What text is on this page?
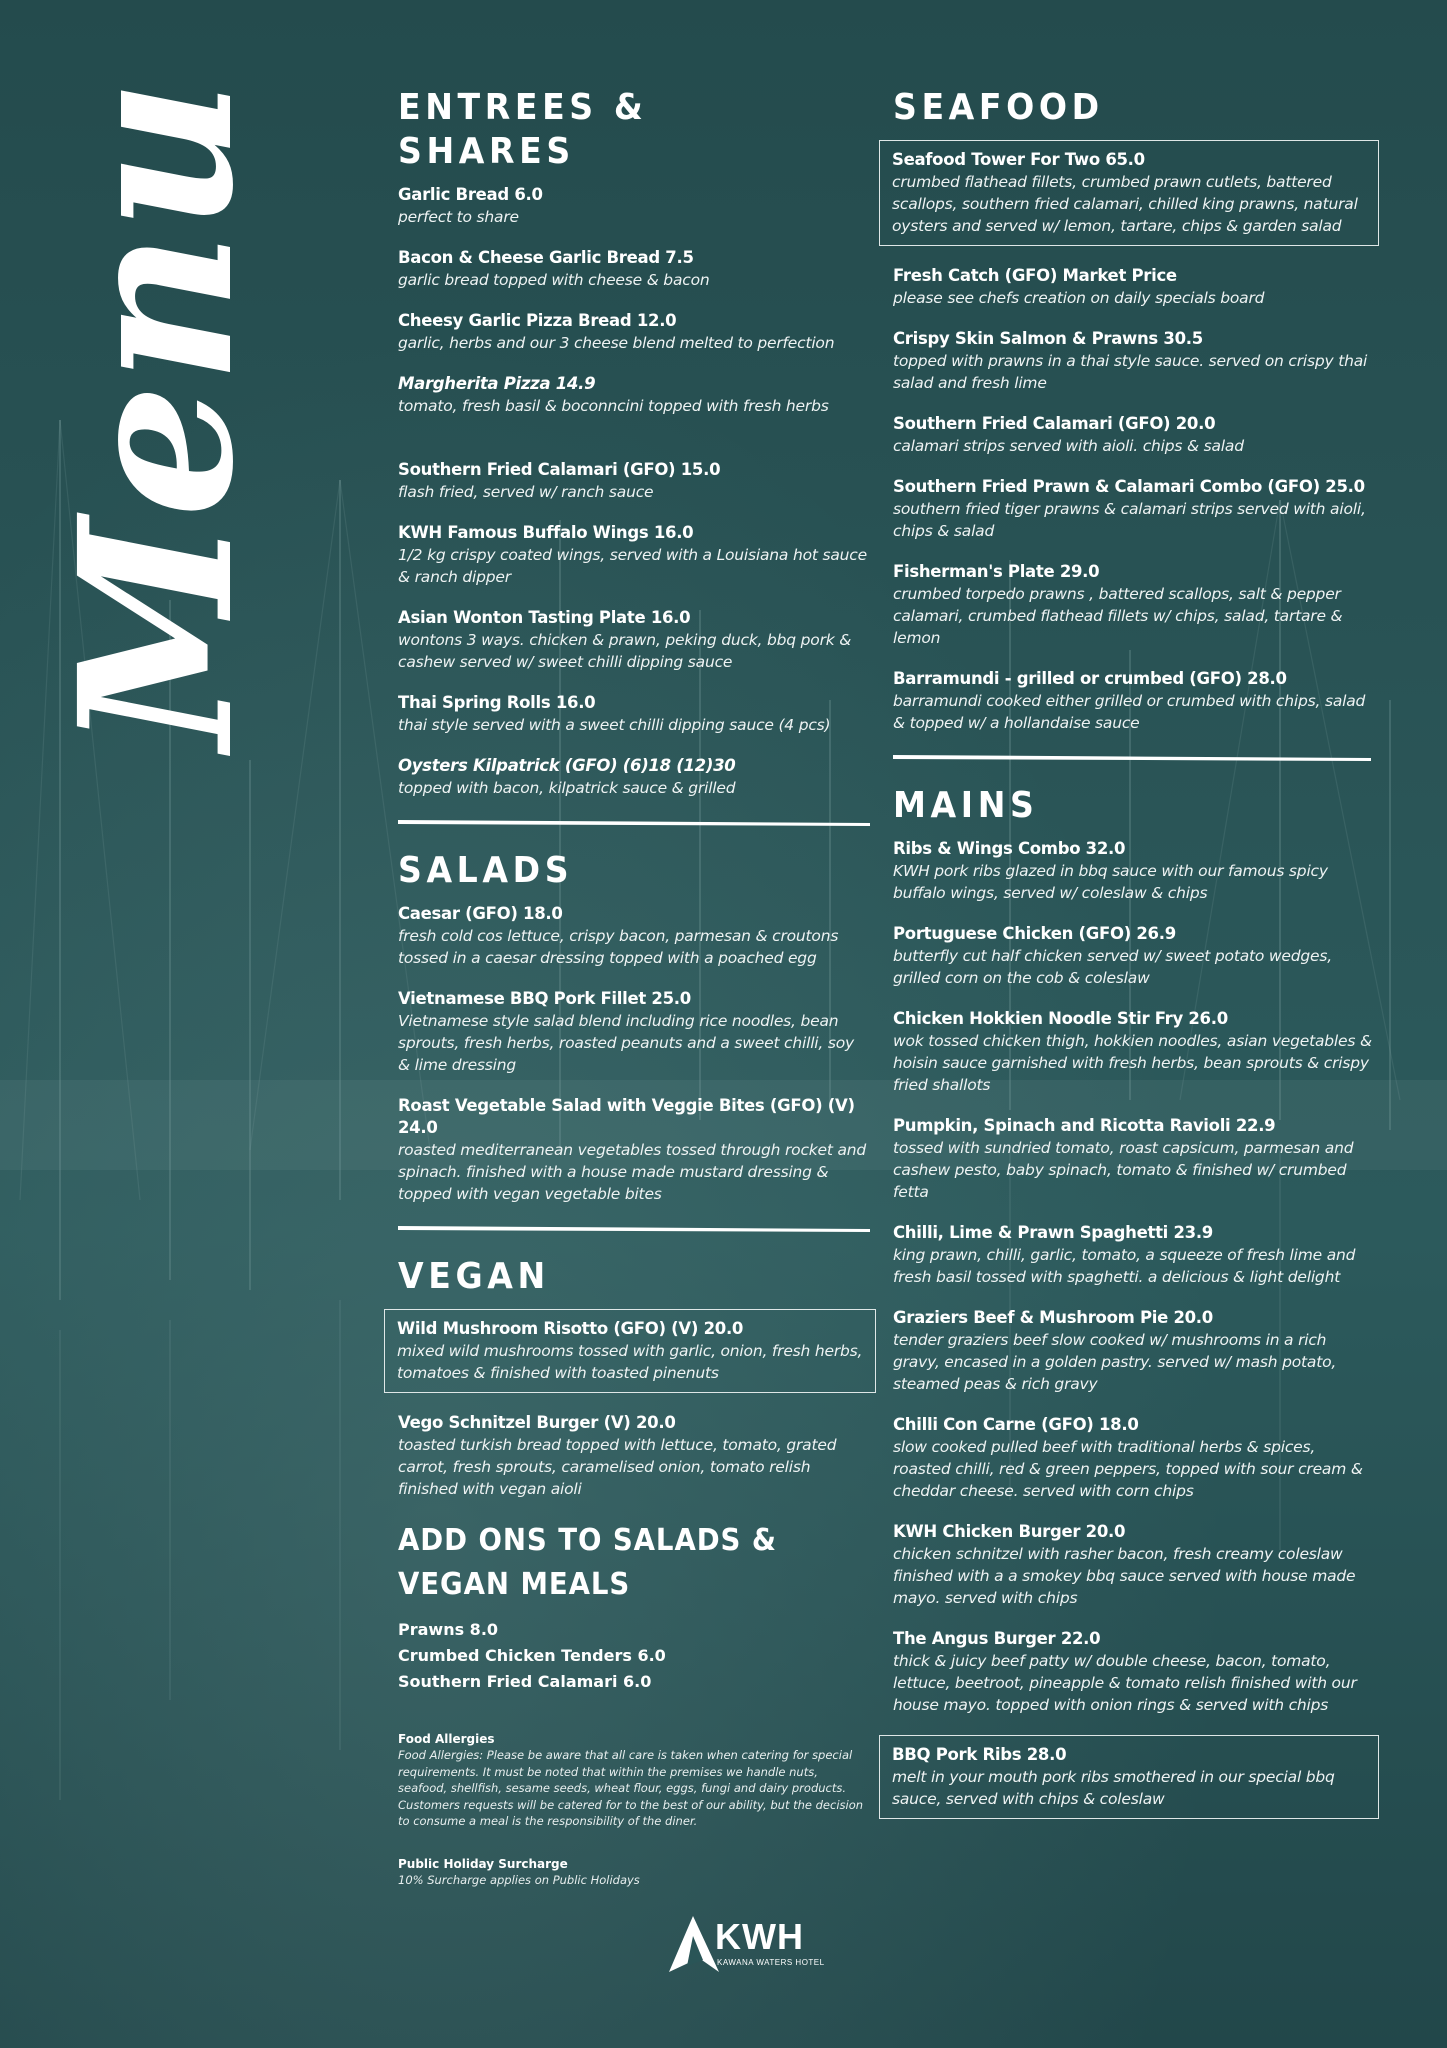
Menu	ENTREES & SHARES
Garlic Bread 6.0
perfect to share
Bacon & Cheese Garlic Bread 7.5
garlic bread topped with cheese & bacon
Cheesy Garlic Pizza Bread 12.0
garlic, herbs and our 3 cheese blend melted to perfection
Margherita Pizza 14.9
tomato, fresh basil & boconncini topped with fresh herbs
Southern Fried Calamari (GFO) 15.0
flash fried, served w/ ranch sauce
KWH Famous Buffalo Wings 16.0
1/2 kg crispy coated wings, served with a Louisiana hot sauce & ranch dipper
Asian Wonton Tasting Plate 16.0
wontons 3 ways. chicken & prawn, peking duck, bbq pork & cashew served w/ sweet chilli dipping sauce
Thai Spring Rolls 16.0
thai style served with a sweet chilli dipping sauce (4 pcs)
Oysters Kilpatrick (GFO) (6)18 (12)30
topped with bacon, kilpatrick sauce & grilled
SALADS
Caesar (GFO) 18.0
fresh cold cos lettuce, crispy bacon, parmesan & croutons tossed in a caesar dressing topped with a poached egg
Vietnamese BBQ Pork Fillet 25.0
Vietnamese style salad blend including rice noodles, bean sprouts, fresh herbs, roasted peanuts and a sweet chilli, soy & lime dressing
Roast Vegetable Salad with Veggie Bites (GFO) (V) 24.0
roasted mediterranean vegetables tossed through rocket and spinach. finished with a house made mustard dressing & topped with vegan vegetable bites
VEGAN
Wild Mushroom Risotto (GFO) (V) 20.0
mixed wild mushrooms tossed with garlic, onion, fresh herbs, tomatoes & finished with toasted pinenuts
Vego Schnitzel Burger (V) 20.0
toasted turkish bread topped with lettuce, tomato, grated carrot, fresh sprouts, caramelised onion, tomato relish finished with vegan aioli
ADD ONS TO SALADS & VEGAN MEALS
Prawns 8.0
Crumbed Chicken Tenders 6.0
Southern Fried Calamari 6.0
Food Allergies
Food Allergies: Please be aware that all care is taken when catering for special requirements. It must be noted that within the premises we handle nuts, seafood, shellfish, sesame seeds, wheat flour, eggs, fungi and dairy products. Customers requests will be catered for to the best of our ability, but the decision to consume a meal is the responsibility of the diner.
Public Holiday Surcharge
10% Surcharge applies on Public Holidays
SEAFOOD
Seafood Tower For Two 65.0
crumbed flathead fillets, crumbed prawn cutlets, battered scallops, southern fried calamari, chilled king prawns, natural oysters and served w/ lemon, tartare, chips & garden salad
Fresh Catch (GFO) Market Price
please see chefs creation on daily specials board
Crispy Skin Salmon & Prawns 30.5
topped with prawns in a thai style sauce. served on crispy thai salad and fresh lime
Southern Fried Calamari (GFO) 20.0
calamari strips served with aioli. chips & salad
Southern Fried Prawn & Calamari Combo (GFO) 25.0
southern fried tiger prawns & calamari strips served with aioli, chips & salad
Fisherman's Plate 29.0
crumbed torpedo prawns , battered scallops, salt & pepper calamari, crumbed flathead fillets w/ chips, salad, tartare & lemon
Barramundi - grilled or crumbed (GFO) 28.0
barramundi cooked either grilled or crumbed with chips, salad & topped w/ a hollandaise sauce
MAINS
Ribs & Wings Combo 32.0
KWH pork ribs glazed in bbq sauce with our famous spicy buffalo wings, served w/ coleslaw & chips
Portuguese Chicken (GFO) 26.9
butterfly cut half chicken served w/ sweet potato wedges, grilled corn on the cob & coleslaw
Chicken Hokkien Noodle Stir Fry 26.0
wok tossed chicken thigh, hokkien noodles, asian vegetables & hoisin sauce garnished with fresh herbs, bean sprouts & crispy fried shallots
Pumpkin, Spinach and Ricotta Ravioli 22.9
tossed with sundried tomato, roast capsicum, parmesan and cashew pesto, baby spinach, tomato & finished w/ crumbed fetta
Chilli, Lime & Prawn Spaghetti 23.9
king prawn, chilli, garlic, tomato, a squeeze of fresh lime and fresh basil tossed with spaghetti. a delicious & light delight
Graziers Beef & Mushroom Pie 20.0
tender graziers beef slow cooked w/ mushrooms in a rich gravy, encased in a golden pastry. served w/ mash potato, steamed peas & rich gravy
Chilli Con Carne (GFO) 18.0
slow cooked pulled beef with traditional herbs & spices, roasted chilli, red & green peppers, topped with sour cream & cheddar cheese. served with corn chips
KWH Chicken Burger 20.0
chicken schnitzel with rasher bacon, fresh creamy coleslaw finished with a a smokey bbq sauce served with house made mayo. served with chips
The Angus Burger 22.0
thick & juicy beef patty w/ double cheese, bacon, tomato, lettuce, beetroot, pineapple & tomato relish finished with our house mayo. topped with onion rings & served with chips
BBQ Pork Ribs 28.0
melt in your mouth pork ribs smothered in our special bbq sauce, served with chips & coleslaw
KWH
KAWANA WATERS HOTEL
